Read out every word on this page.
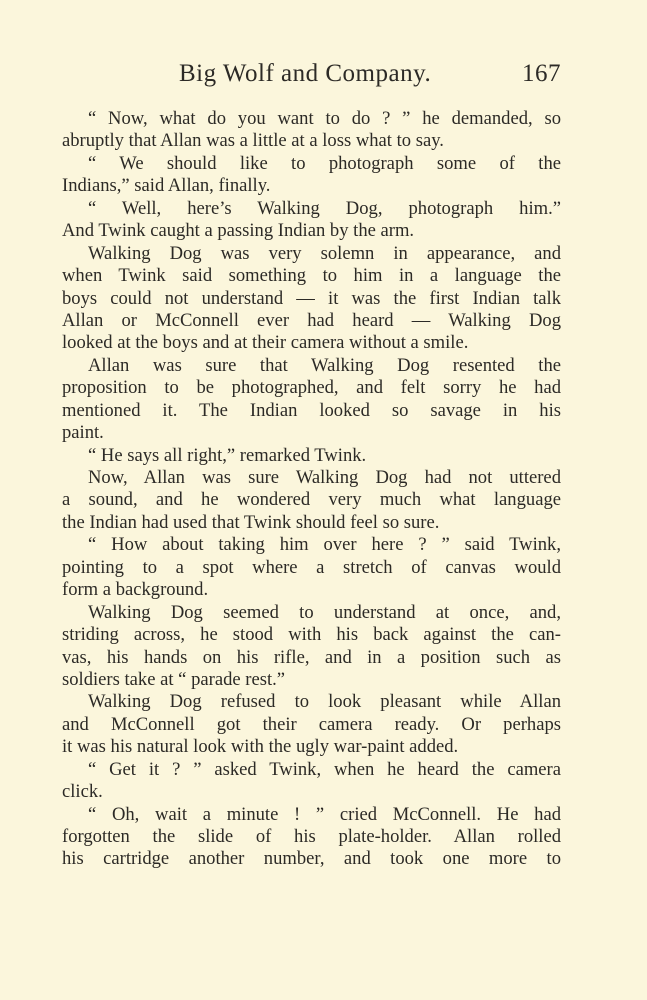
Big Wolf and Company.	167
“ Now, what do you want to do ? ” he demanded, so
abruptly that Allan was a little at a loss what to say.
“ We should like to photograph some of the
Indians,” said Allan, finally.
“ Well, here’s Walking Dog, photograph him.”
And Twink caught a passing Indian by the arm.
Walking Dog was very solemn in appearance, and
when Twink said something to him in a language the
boys could not understand — it was the first Indian talk
Allan or McConnell ever had heard — Walking Dog
looked at the boys and at their camera without a smile.
Allan was sure that Walking Dog resented the
proposition to be photographed, and felt sorry he had
mentioned it. The Indian looked so savage in his
paint.
“ He says all right,” remarked Twink.
Now, Allan was sure Walking Dog had not uttered
a sound, and he wondered very much what language
the Indian had used that Twink should feel so sure.
“ How about taking him over here ? ” said Twink,
pointing to a spot where a stretch of canvas would
form a background.
Walking Dog seemed to understand at once, and,
striding across, he stood with his back against the can-
vas, his hands on his rifle, and in a position such as
soldiers take at “ parade rest.”
Walking Dog refused to look pleasant while Allan
and McConnell got their camera ready. Or perhaps
it was his natural look with the ugly war-paint added.
“ Get it ? ” asked Twink, when he heard the camera
click.
“ Oh, wait a minute ! ” cried McConnell. He had
forgotten the slide of his plate-holder. Allan rolled
his cartridge another number, and took one more to
